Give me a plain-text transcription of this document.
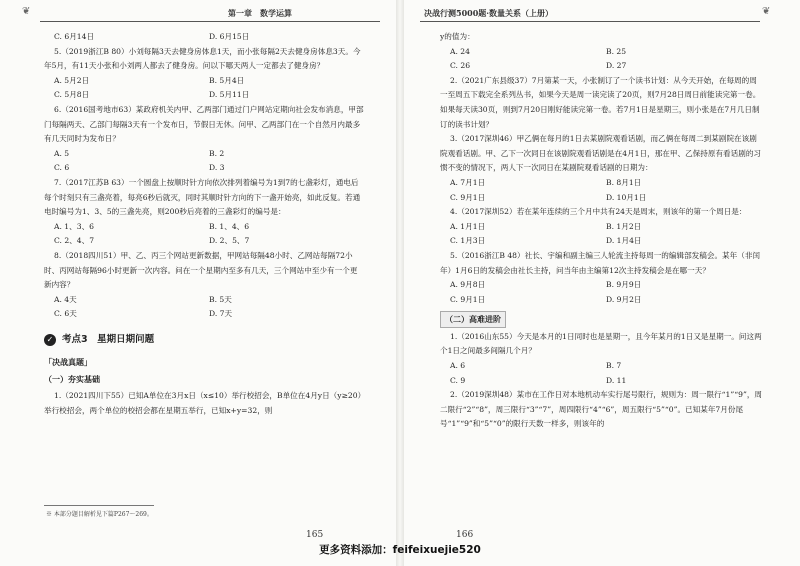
❦	第一章　数学运算
C. 6月14日	D. 6月15日

5.（2019浙江B 80）小刘每隔3天去健身房体息1天，而小张每隔2天去健身房体息3天。今年5月，有11天小张和小刘两人都去了健身房。问以下哪天两人一定都去了健身房？

A. 5月2日	B. 5月4日
C. 5月8日	D. 5月11日

6.（2016国考地市63）某政府机关内甲、乙两部门通过门户网站定期向社会发布消息，甲部门每隔两天、乙部门每隔3天有一个发布日，节假日无休。问甲、乙两部门在一个自然月内最多有几天同时为发布日？

A. 5	B. 2
C. 6	D. 3

7.（2017江苏B 63）一个圆盘上按顺时针方向依次排列着编号为1到7的七盏彩灯，通电后每个时刻只有三盏亮着，每亮6秒后就灭，同时其顺时针方向的下一盏开始亮，如此反复。若通电时编号为1、3、5的三盏先亮，则200秒后亮着的三盏彩灯的编号是：

A. 1、3、6	B. 1、4、6
C. 2、4、7	D. 2、5、7

8.（2018四川51）甲、乙、丙三个网站更新数据，甲网站每隔48小时、乙网站每隔72小时、丙网站每隔96小时更新一次内容。问在一个星期内至多有几天，三个网站中至少有一个更新内容？

A. 4天	B. 5天
C. 6天	D. 7天
✓ 考点3　星期日期问题
「决战真题」
（一）夯实基础

1.（2021四川下55）已知A单位在3月x日（x≤10）举行校招会，B单位在4月y日（y≥20）举行校招会，两个单位的校招会都在星期五举行，已知x+y=32，则

※ 本部分题目解析见下篇P267～269。
165
❦
决战行测5000题·数量关系（上册）

y的值为：

A. 24	B. 25
C. 26	D. 27

2.（2021广东县级37）7月第某一天，小张制订了一个读书计划：从今天开始，在每周的周一至周五下载完全系列丛书，如果今天是周一读完读了20页，则7月28日周日前能读完第一卷。如果每天读30页，则到7月20日刚好能读完第一卷。若7月1日是星期三，则小张是在7月几日制订的读书计划？

3.（2017深圳46）甲乙俩在每月的1日去某剧院观看话剧，而乙俩在每周二到某剧院在该剧院观看话剧。甲、乙下一次同日在该剧院观看话剧是在4月1日，那在甲、乙保持原有看话剧的习惯不变的情况下，两人下一次同日在某剧院观看话剧的日期为：

A. 7月1日	B. 8月1日
C. 9月1日	D. 10月1日

4.（2017深圳52）若在某年连续的三个月中共有24天是周末，则该年的第一个周日是：

A. 1月1日	B. 1月2日
C. 1月3日	D. 1月4日

5.（2016浙江B 48）社长、宇编和副主编三人轮流主持每周一的编辑部发稿会。某年（非闰年）1月6日的发稿会由社长主持，问当年由主编第12次主持发稿会是在哪一天？

A. 9月8日	B. 9月9日
C. 9月1日	D. 9月2日
（二）高难进阶

1.（2016山东55）今天是本月的1日同时也是星期一，且今年某月的1日又是星期一。问这两个1日之间最多间隔几个月？

A. 6	B. 7
C. 9	D. 11

2.（2019深圳48）某市在工作日对本地机动车实行尾号限行，规则为：周一限行“1”“9”，周二限行“2”“8”，周三限行“3”“7”，周四限行“4”“6”，周五限行“5”“0”。已知某年7月份尾号“1”“9”和“5”“0”的限行天数一样多，则该年的

166
更多资料添加：feifeixuejie520
